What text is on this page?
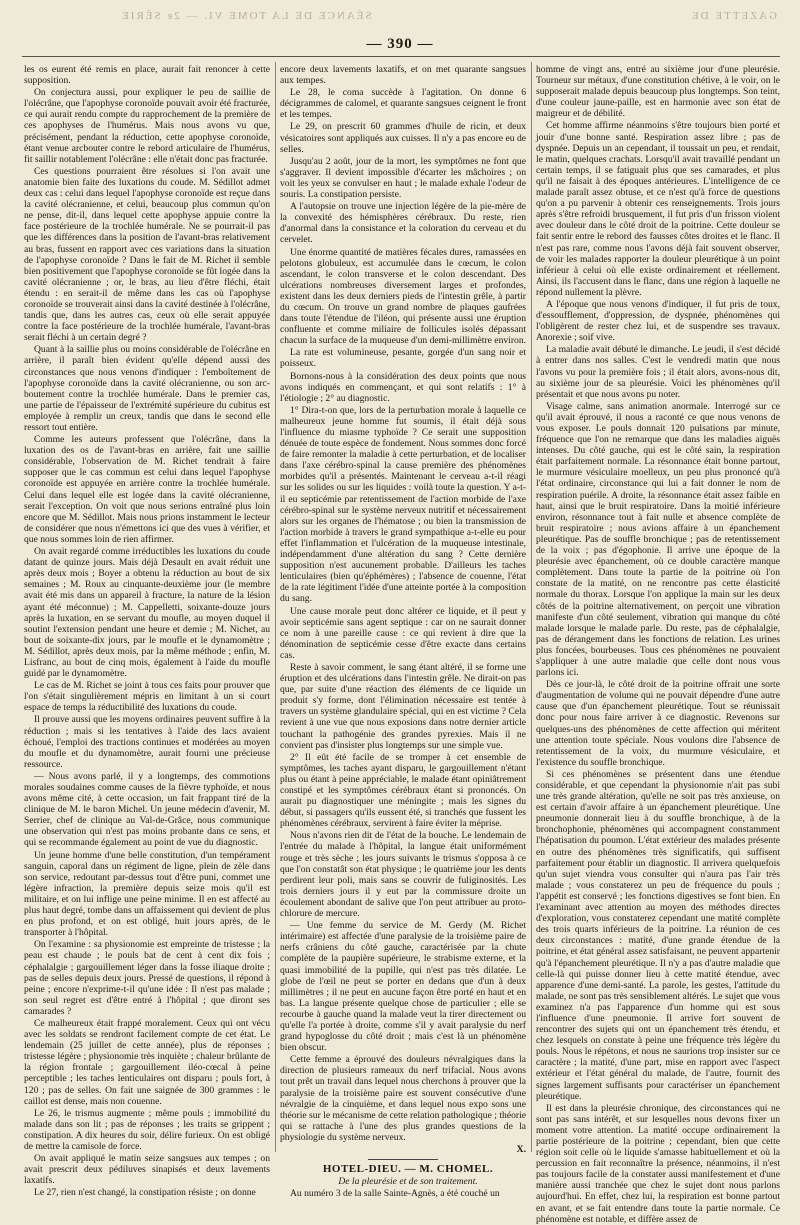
SÉANCE DE LA TOME VI. — 2e SÉRIE	GAZETTE DE
— 390 —

les os eurent été remis en place, aurait fait renoncer à cette supposition.

On conjectura aussi, pour expliquer le peu de saillie de l'olécrâne, que l'apophyse coronoïde pouvait avoir été fracturée, ce qui aurait rendu compte du rapprochement de la première de ces apophyses de l'humérus. Mais nous avons vu que, précisément, pendant la réduction, cette apophyse coronoïde, étant venue arcbouter contre le rebord articulaire de l'humérus, fit saillir notablement l'olécrâne : elle n'était donc pas fracturée.

Ces questions pourraient être résolues si l'on avait une anatomie bien faite des luxations du coude. M. Sédillot admet deux cas : celui dans lequel l'apophyse coronoïde est reçue dans la cavité olécranienne, et celui, beaucoup plus commun qu'on ne pense, dit-il, dans lequel cette apophyse appuie contre la face postérieure de la trochlée humérale. Ne se pourrait-il pas que les différences dans la position de l'avant-bras relativement au bras, fussent en rapport avec ces variations dans la situation de l'apophyse coronoïde ? Dans le fait de M. Richet il semble bien positivement que l'apophyse coronoïde se fût logée dans la cavité olécranienne ; or, le bras, au lieu d'être fléchi, était étendu : en serait-il de même dans les cas où l'apophyse coronoïde se trouverait ainsi dans la cavité destinée à l'olécrâne, tandis que, dans les autres cas, ceux où elle serait appuyée contre la face postérieure de la trochlée humérale, l'avant-bras serait fléchi à un certain degré ?

Quant à la saillie plus ou moins considérable de l'olécrâne en arrière, il paraît bien évident qu'elle dépend aussi des circonstances que nous venons d'indiquer : l'emboîtement de l'apophyse coronoïde dans la cavité olécranienne, ou son arc-boutement contre la trochlée humérale. Dans le premier cas, une partie de l'épaisseur de l'extrémité supérieure du cubitus est employée à remplir un creux, tandis que dans le second elle ressort tout entière.

Comme les auteurs professent que l'olécrâne, dans la luxation des os de l'avant-bras en arrière, fait une saillie considérable, l'observation de M. Richet tendrait à faire supposer que le cas commun est celui dans lequel l'apophyse coronoïde est appuyée en arrière contre la trochlée humérale. Celui dans lequel elle est logée dans la cavité olécranienne, serait l'exception. On voit que nous serions entraîné plus loin encore que M. Sédillot. Mais nous prions instamment le lecteur de considérer que nous n'émettons ici que des vues à vérifier, et que nous sommes loin de rien affirmer.

On avait regardé comme irréductibles les luxations du coude datant de quinze jours. Mais déjà Desault en avait réduit une après deux mois ; Boyer a obtenu la réduction au bout de six semaines ; M. Roux au cinquante-deuxième jour (le membre avait été mis dans un appareil à fracture, la nature de la lésion ayant été méconnue) ; M. Cappelletti, soixante-douze jours après la luxation, en se servant du moufle, au moyen duquel il soutint l'extension pendant une heure et demie ; M. Nichet, au bout de soixante-dix jours, par le moufle et le dynamomètre ; M. Sédillot, après deux mois, par la même méthode ; enfin, M. Lisfranc, au bout de cinq mois, également à l'aide du moufle guidé par le dynamomètre.

Le cas de M. Richet se joint à tous ces faits pour prouver que l'on s'était singulièrement mépris en limitant à un si court espace de temps la réductibilité des luxations du coude.

Il prouve aussi que les moyens ordinaires peuvent suffire à la réduction ; mais si les tentatives à l'aide des lacs avaient échoué, l'emploi des tractions continues et modérées au moyen du moufle et du dynamomètre, aurait fourni une précieuse ressource.

— Nous avons parlé, il y a longtemps, des commotions morales soudaines comme causes de la fièvre typhoïde, et nous avons même cité, à cette occasion, un fait frappant tiré de la clinique de M. le baron Michel. Un jeune médecin d'avenir, M. Serrier, chef de clinique au Val-de-Grâce, nous communique une observation qui n'est pas moins probante dans ce sens, et qui se recommande également au point de vue du diagnostic.

Un jeune homme d'une belle constitution, d'un tempérament sanguin, caporal dans un régiment de ligne, plein de zèle dans son service, redoutant par-dessus tout d'être puni, commet une légère infraction, la première depuis seize mois qu'il est militaire, et on lui inflige une peine minime. Il en est affecté au plus haut degré, tombe dans un affaissement qui devient de plus en plus profond, et on est obligé, huit jours après, de le transporter à l'hôpital.

On l'examine : sa physionomie est empreinte de tristesse ; la peau est chaude ; le pouls bat de cent à cent dix fois ; céphalalgie ; gargouillement léger dans la fosse iliaque droite ; pas de selles depuis deux jours. Pressé de questions, il répond à peine ; encore n'exprime-t-il qu'une idée : Il n'est pas malade ; son seul regret est d'être entré à l'hôpital ; que diront ses camarades ?

Ce malheureux était frappé moralement. Ceux qui ont vécu avec les soldats se rendront facilement compte de cet état. Le lendemain (25 juillet de cette année), plus de réponses ; tristesse légère ; physionomie très inquiète ; chaleur brûlante de la région frontale ; gargouillement iléo-cœcal à peine perceptible ; les taches lenticulaires ont disparu ; pouls fort, à 120 ; pas de selles. On fait une saignée de 300 grammes : le caillot est dense, mais non couenne.

Le 26, le trismus augmente ; même pouls ; immobilité du malade dans son lit ; pas de réponses ; les traits se grippent ; constipation. A dix heures du soir, délire furieux. On est obligé de mettre la camisole de force.

On avait appliqué le matin seize sangsues aux tempes ; on avait prescrit deux pédiluves sinapisés et deux lavements laxatifs.

Le 27, rien n'est changé, la constipation résiste ; on donne

encore deux lavements laxatifs, et on met quarante sangsues aux tempes.

Le 28, le coma succède à l'agitation. On donne 6 décigrammes de calomel, et quarante sangsues ceignent le front et les tempes.

Le 29, on prescrit 60 grammes d'huile de ricin, et deux vésicatoires sont appliqués aux cuisses. Il n'y a pas encore eu de selles.

Jusqu'au 2 août, jour de la mort, les symptômes ne font que s'aggraver. Il devient impossible d'écarter les mâchoires ; on voit les yeux se convulser en haut ; le malade exhale l'odeur de souris. La constipation persiste.

A l'autopsie on trouve une injection légère de la pie-mère de la convexité des hémisphères cérébraux. Du reste, rien d'anormal dans la consistance et la coloration du cerveau et du cervelet.

Une énorme quantité de matières fécales dures, ramassées en pelotons globuleux, est accumulée dans le cœcum, le colon ascendant, le colon transverse et le colon descendant. Des ulcérations nombreuses diversement larges et profondes, existent dans les deux derniers pieds de l'intestin grêle, à partir du cœcum. On trouve un grand nombre de plaques gaufrées dans toute l'étendue de l'iléon, qui présente aussi une éruption confluente et comme miliaire de follicules isolés dépassant chacun la surface de la muqueuse d'un demi-millimètre environ.

La rate est volumineuse, pesante, gorgée d'un sang noir et poisseux.

Bornons-nous à la considération des deux points que nous avons indiqués en commençant, et qui sont relatifs : 1° à l'étiologie ; 2° au diagnostic.

1° Dira-t-on que, lors de la perturbation morale à laquelle ce malheureux jeune homme fut soumis, il était déjà sous l'influence du miasme typhoïde ? Ce serait une supposition dénuée de toute espèce de fondement. Nous sommes donc forcé de faire remonter la maladie à cette perturbation, et de localiser dans l'axe cérébro-spinal la cause première des phénomènes morbides qu'il a présentés. Maintenant le cerveau a-t-il réagi sur les solides ou sur les liquides : voilà toute la question. Y a-t-il eu septicémie par retentissement de l'action morbide de l'axe cérébro-spinal sur le système nerveux nutritif et nécessairement alors sur les organes de l'hématose ; ou bien la transmission de l'action morbide à travers le grand sympathique a-t-elle eu pour effet l'inflammation et l'ulcération de la muqueuse intestinale, indépendamment d'une altération du sang ? Cette dernière supposition n'est aucunement probable. D'ailleurs les taches lenticulaires (bien qu'éphémères) ; l'absence de couenne, l'état de la rate légitiment l'idée d'une atteinte portée à la composition du sang.

Une cause morale peut donc altérer ce liquide, et il peut y avoir septicémie sans agent septique : car on ne saurait donner ce nom à une pareille cause : ce qui revient à dire que la dénomination de septicémie cesse d'être exacte dans certains cas.

Reste à savoir comment, le sang étant altéré, il se forme une éruption et des ulcérations dans l'intestin grêle. Ne dirait-on pas que, par suite d'une réaction des éléments de ce liquide un produit s'y forme, dont l'élimination nécessaire est tentée à travers un système glandulaire spécial, qui en est victime ? Cela revient à une vue que nous exposions dans notre dernier article touchant la pathogénie des grandes pyrexies. Mais il ne convient pas d'insister plus longtemps sur une simple vue.

2° Il eût été facile de se tromper à cet ensemble de symptômes, les taches ayant disparu, le gargouillement n'étant plus ou étant à peine appréciable, le malade étant opiniâtrement constipé et les symptômes cérébraux étant si prononcés. On aurait pu diagnostiquer une méningite ; mais les signes du début, si passagers qu'ils eussent été, si tranchés que fussent les phénomènes cérébraux, servirent à faire éviter la méprise.

Nous n'avons rien dit de l'état de la bouche. Le lendemain de l'entrée du malade à l'hôpital, la langue était uniformément rouge et très sèche ; les jours suivants le trismus s'opposa à ce que l'on constatât son état physique ; le quatrième jour les dents perdirent leur poli, mais sans se couvrir de fuliginosités. Les trois derniers jours il y eut par la commissure droite un écoulement abondant de salive que l'on peut attribuer au proto-chlorure de mercure.

— Une femme du service de M. Gerdy (M. Richet intérimaire) est affectée d'une paralysie de la troisième paire de nerfs crâniens du côté gauche, caractérisée par la chute complète de la paupière supérieure, le strabisme externe, et la quasi immobilité de la pupille, qui n'est pas très dilatée. Le globe de l'œil ne peut se porter en dedans que d'un à deux millimètres ; il ne peut en aucune façon être porté en haut et en bas. La langue présente quelque chose de particulier ; elle se recourbe à gauche quand la malade veut la tirer directement ou qu'elle l'a portée à droite, comme s'il y avait paralysie du nerf grand hypoglosse du côté droit ; mais c'est là un phénomène bien obscur.

Cette femme a éprouvé des douleurs névralgiques dans la direction de plusieurs rameaux du nerf trifacial. Nous avons tout prêt un travail dans lequel nous cherchons à prouver que la paralysie de la troisième paire est souvent consécutive d'une névralgie de la cinquième, et dans lequel nous expo sons une théorie sur le mécanisme de cette relation pathologique ; théorie qui se rattache à l'une des plus grandes questions de la physiologie du système nerveux.

X.

HOTEL-DIEU. — M. CHOMEL.

De la pleurésie et de son traitement.

Au numéro 3 de la salle Sainte-Agnès, a été couché un

homme de vingt ans, entré au sixième jour d'une pleurésie. Tourneur sur métaux, d'une constitution chétive, à le voir, on le supposerait malade depuis beaucoup plus longtemps. Son teint, d'une couleur jaune-paille, est en harmonie avec son état de maigreur et de débilité.

Cet homme affirme néanmoins s'être toujours bien porté et jouir d'une bonne santé. Respiration assez libre ; pas de dyspnée. Depuis un an cependant, il toussait un peu, et rendait, le matin, quelques crachats. Lorsqu'il avait travaillé pendant un certain temps, il se fatiguait plus que ses camarades, et plus qu'il ne faisait à des époques antérieures. L'intelligence de ce malade paraît assez obtuse, et ce n'est qu'à force de questions qu'on a pu parvenir à obtenir ces renseignements. Trois jours après s'être refroidi brusquement, il fut pris d'un frisson violent avec douleur dans le côté droit de la poitrine. Cette douleur se fait sentir entre le rebord des fausses côtes droites et le flanc. Il n'est pas rare, comme nous l'avons déjà fait souvent observer, de voir les malades rapporter la douleur pleurétique à un point inférieur à celui où elle existe ordinairement et réellement. Ainsi, ils l'accusent dans le flanc, dans une région à laquelle ne répond nullement la plèvre.

A l'époque que nous venons d'indiquer, il fut pris de toux, d'essoufflement, d'oppression, de dyspnée, phénomènes qui l'obligèrent de rester chez lui, et de suspendre ses travaux. Anorexie ; soif vive.

La maladie avait débuté le dimanche. Le jeudi, il s'est décidé à entrer dans nos salles. C'est le vendredi matin que nous l'avons vu pour la première fois ; il était alors, avons-nous dit, au sixième jour de sa pleurésie. Voici les phénomènes qu'il présentait et que nous avons pu noter.

Visage calme, sans animation anormale. Interrogé sur ce qu'il avait éprouvé, il nous a raconté ce que nous venons de vous exposer. Le pouls donnait 120 pulsations par minute, fréquence que l'on ne remarque que dans les maladies aiguës intenses. Du côté gauche, qui est le côté sain, la respiration était parfaitement normale. La résonnance était bonne partout, le murmure vésiculaire moelleux, un peu plus prononcé qu'à l'état ordinaire, circonstance qui lui a fait donner le nom de respiration puérile. A droite, la résonnance était assez faible en haut, ainsi que le bruit respiratoire. Dans la moitié inférieure environ, résonnance tout à fait nulle et absence complète de bruit respiratoire ; nous avions affaire à un épanchement pleurétique. Pas de souffle bronchique ; pas de retentissement de la voix ; pas d'égophonie. Il arrive une époque de la pleurésie avec épanchement, où ce double caractère manque complètement. Dans toute la partie de la poitrine où l'on constate de la matité, on ne rencontre pas cette élasticité normale du thorax. Lorsque l'on applique la main sur les deux côtés de la poitrine alternativement, on perçoit une vibration manifeste d'un côté seulement, vibration qui manque du côté malade lorsque le malade parle. Du reste, pas de céphalalgie, pas de dérangement dans les fonctions de relation. Les urines plus foncées, bourbeuses. Tous ces phénomènes ne pouvaient s'appliquer à une autre maladie que celle dont nous vous parlons ici.

Dès ce jour-là, le côté droit de la poitrine offrait une sorte d'augmentation de volume qui ne pouvait dépendre d'une autre cause que d'un épanchement pleurétique. Tout se réunissait donc pour nous faire arriver à ce diagnostic. Revenons sur quelques-uns des phénomènes de cette affection qui méritent une attention toute spéciale. Nous voulons dire l'absence de retentissement de la voix, du murmure vésiculaire, et l'existence du souffle bronchique.

Si ces phénomènes se présentent dans une étendue considérable, et que cependant la physionomie n'ait pas subi une très grande altération, qu'elle ne soit pas très anxieuse, on est certain d'avoir affaire à un épanchement pleurétique. Une pneumonie donnerait lieu à du souffle bronchique, à de la bronchophonie, phénomènes qui accompagnent constamment l'hépatisation du poumon. L'état extérieur des malades présente en outre des phénomènes très significatifs, qui suffisent parfaitement pour établir un diagnostic. Il arrivera quelquefois qu'un sujet viendra vous consulter qui n'aura pas l'air très malade ; vous constaterez un peu de fréquence du pouls ; l'appétit est conservé ; les fonctions digestives se font bien. En l'examinant avec attention au moyen des méthodes directes d'exploration, vous constaterez cependant une matité complète des trois quarts inférieurs de la poitrine. La réunion de ces deux circonstances : matité, d'une grande étendue de la poitrine, et état général assez satisfaisant, ne peuvent appartenir qu'à l'épanchement pleurétique. Il n'y a pas d'autre maladie que celle-là qui puisse donner lieu à cette matité étendue, avec apparence d'une demi-santé. La parole, les gestes, l'attitude du malade, ne sont pas très sensiblement altérés. Le sujet que vous examinez n'a pas l'apparence d'un homme qui est sous l'influence d'une pneumonie. Il arrive fort souvent de rencontrer des sujets qui ont un épanchement très étendu, et chez lesquels on constate à peine une fréquence très légère du pouls. Nous le répétons, et nous ne saurions trop insister sur ce caractère ; la matité, d'une part, mise en rapport avec l'aspect extérieur et l'état général du malade, de l'autre, fournit des signes largement suffisants pour caractériser un épanchement pleurétique.

Il est dans la pleurésie chronique, des circonstances qui ne sont pas sans intérêt, et sur lesquelles nous devons fixer un moment votre attention. La matité occupe ordinairement la partie postérieure de la poitrine ; cependant, bien que cette région soit celle où le liquide s'amasse habituellement et où la percussion en fait reconnaître la présence, néanmoins, il n'est pas toujours facile de la constater aussi manifestement et d'une manière aussi tranchée que chez le sujet dont nous parlons aujourd'hui. En effet, chez lui, la respiration est bonne partout en avant, et se fait entendre dans toute la partie normale. Ce phénomène est notable, et diffère assez de
